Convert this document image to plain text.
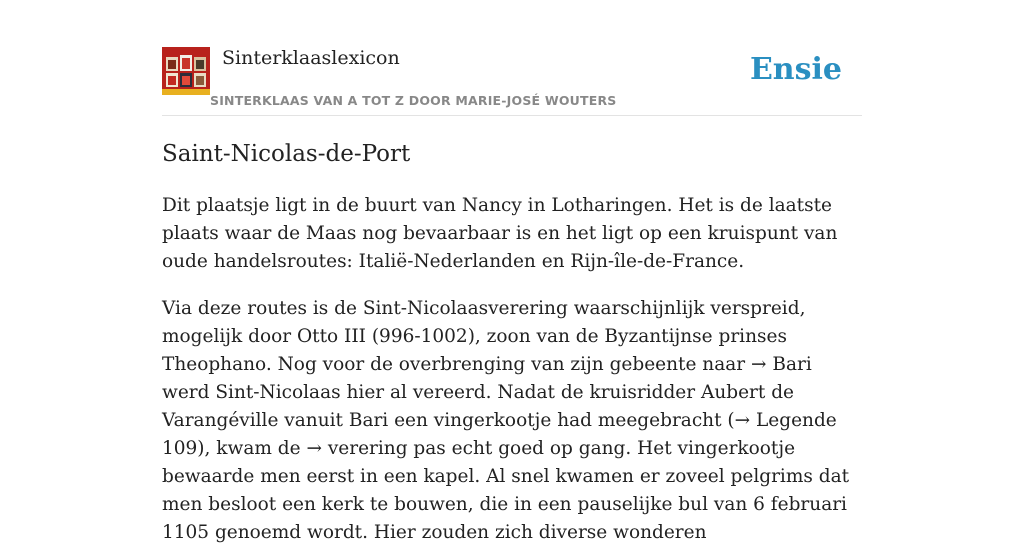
Sinterklaaslexicon
SINTERKLAAS VAN A TOT Z DOOR MARIE-JOSÉ WOUTERS
Ensie
Saint-Nicolas-de-Port

Dit plaatsje ligt in de buurt van Nancy in Lotharingen. Het is de laatste plaats waar de Maas nog bevaarbaar is en het ligt op een kruispunt van oude handelsroutes: Italië-Nederlanden en Rijn-île-de-France.

Via deze routes is de Sint-Nicolaasverering waarschijnlijk verspreid, mogelijk door Otto III (996-1002), zoon van de Byzantijnse prinses Theophano. Nog voor de overbrenging van zijn gebeente naar → Bari werd Sint-Nicolaas hier al vereerd. Nadat de kruisridder Aubert de Varangéville vanuit Bari een vingerkootje had meegebracht (→ Legende 109), kwam de → verering pas echt goed op gang. Het vingerkootje bewaarde men eerst in een kapel. Al snel kwamen er zoveel pelgrims dat men besloot een kerk te bouwen, die in een pauselijke bul van 6 februari 1105 genoemd wordt. Hier zouden zich diverse wonderen
